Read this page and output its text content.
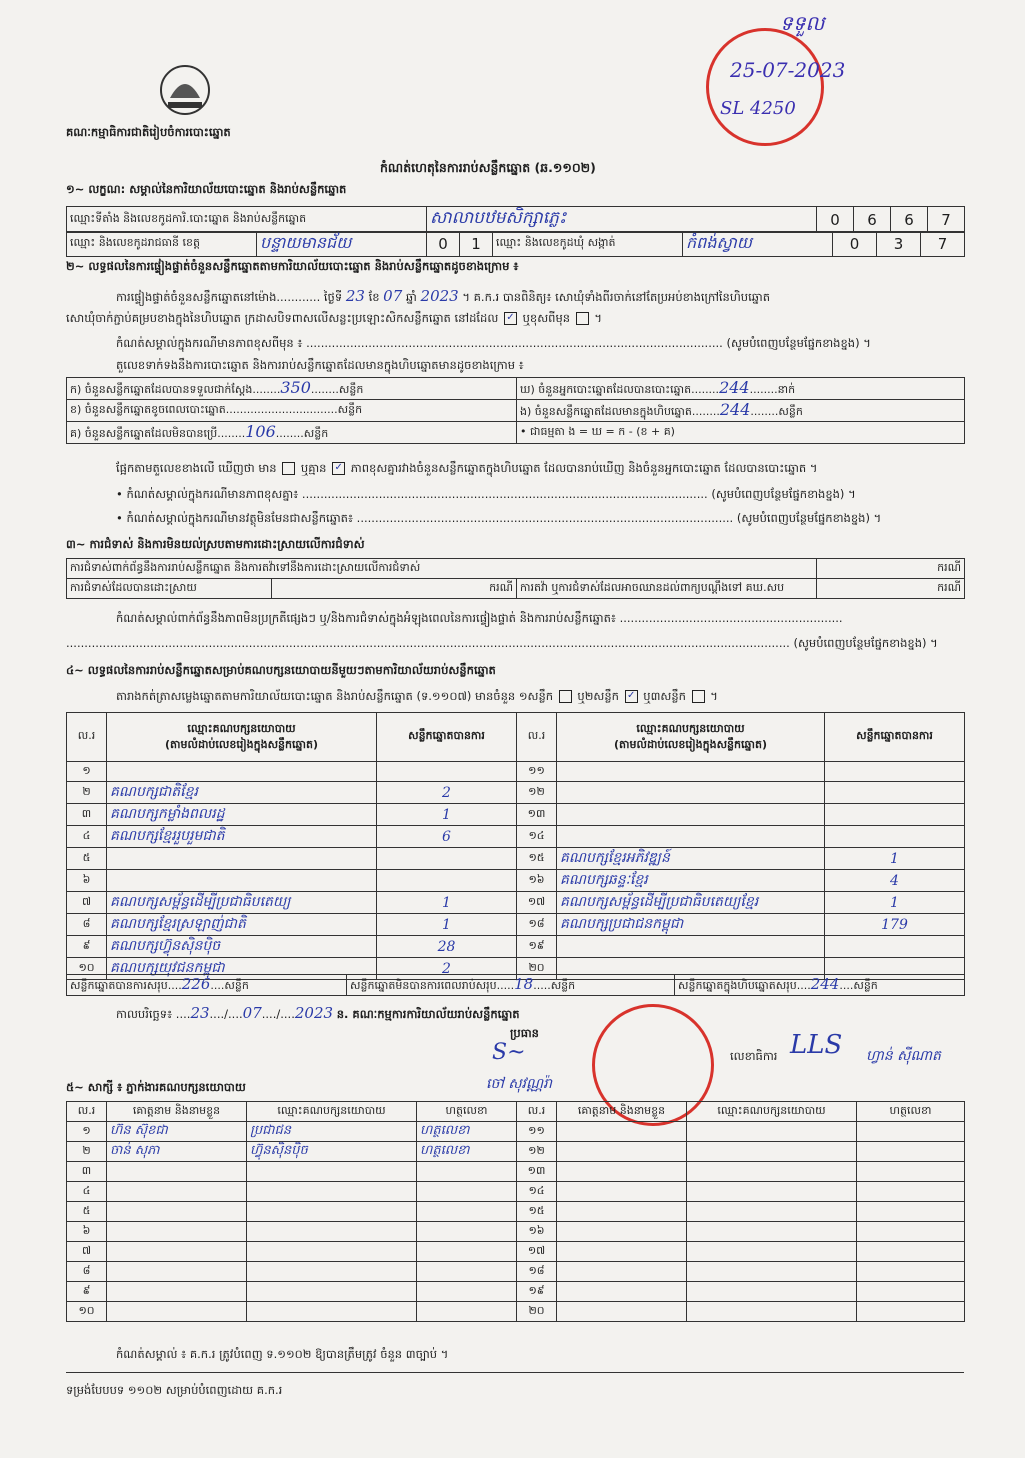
គណៈកម្មាធិការជាតិរៀបចំការបោះឆ្នោត
ទទួល
25-07-2023
SL 4250
កំណត់ហេតុនៃការរាប់សន្លឹកឆ្នោត (ឆ.១១០២)
១~ លក្ខណ: សម្គាល់នៃការិយាល័យបោះឆ្នោត និងរាប់សន្លឹកឆ្នោត
ឈ្មោះទីតាំង និងលេខកូដការិ.បោះឆ្នោត និងរាប់សន្លឹកឆ្នោត	សាលាបឋមសិក្សាភ្លេះ	0	6	6	7
ឈ្មោះ និងលេខកូដរាជធានី ខេត្ត	បន្ទាយមានជ័យ	0	1	ឈ្មោះ និងលេខកូដឃុំ សង្កាត់	កំពង់ស្វាយ	0	3	7
២~ លទ្ធផលនៃការផ្ទៀងផ្ទាត់ចំនួនសន្លឹកឆ្នោតតាមការិយាល័យបោះឆ្នោត និងរាប់សន្លឹកឆ្នោតដូចខាងក្រោម ៖
ការផ្ទៀងផ្ទាត់ចំនួនសន្លឹកឆ្នោតនៅម៉ោង............ ថ្ងៃទី 23 ខែ 07 ឆ្នាំ 2023 ។ គ.ក.រ បានពិនិត្យ៖ សោឃុំទាំងពីរចាក់នៅតែប្រអប់ខាងក្រៅនៃហិបឆ្នោត
សោឃុំចាក់ភ្ជាប់គម្របខាងក្នុងនៃហិបឆ្នោត ក្រដាសបិទពាសលើសន្លះប្រឡោះសិកសន្លឹកឆ្នោត នៅដដែល ✓ ឬខុសពីមុន  ។
កំណត់សម្គាល់ក្នុងករណីមានភាពខុសពីមុន ៖ .................................................................................................................. (សូមបំពេញបន្ថែមផ្នែកខាងខ្នង) ។
តួលេខទាក់ទងនឹងការបោះឆ្នោត និងការរាប់សន្លឹកឆ្នោតដែលមានក្នុងហិបឆ្នោតមានដូចខាងក្រោម ៖
ក) ចំនួនសន្លឹកឆ្នោតដែលបានទទួលជាក់ស្តែង........350........សន្លឹក	ឃ) ចំនួនអ្នកបោះឆ្នោតដែលបានបោះឆ្នោត........244........នាក់
ខ) ចំនួនសន្លឹកឆ្នោតខូចពេលបោះឆ្នោត................................សន្លឹក	ង) ចំនួនសន្លឹកឆ្នោតដែលមានក្នុងហិបឆ្នោត........244........សន្លឹក
គ) ចំនួនសន្លឹកឆ្នោតដែលមិនបានប្រើ........106........សន្លឹក	• ជាធម្មតា ង = ឃ = ក - (ខ + គ)
ផ្អែកតាមតួលេខខាងលើ ឃើញថា មាន ឬគ្មាន ✓ ភាពខុសគ្នារវាងចំនួនសន្លឹកឆ្នោតក្នុងហិបឆ្នោត ដែលបានរាប់ឃើញ និងចំនួនអ្នកបោះឆ្នោត ដែលបានបោះឆ្នោត ។
• កំណត់សម្គាល់ក្នុងករណីមានភាពខុសគ្នា៖ ............................................................................................................... (សូមបំពេញបន្ថែមផ្នែកខាងខ្នង) ។
• កំណត់សម្គាល់ក្នុងករណីមានវត្ថុមិនមែនជាសន្លឹកឆ្នោត៖ ....................................................................................................... (សូមបំពេញបន្ថែមផ្នែកខាងខ្នង) ។
៣~ ការជំទាស់ និងការមិនយល់ស្របតាមការដោះស្រាយលើការជំទាស់
ការជំទាស់ពាក់ព័ន្ធនឹងការរាប់សន្លឹកឆ្នោត និងការតវ៉ាទៅនឹងការដោះស្រាយលើការជំទាស់			ករណី
ការជំទាស់ដែលបានដោះស្រាយ	ករណី	ការតវ៉ា ឬការជំទាស់ដែលអាចឈានដល់ពាក្យបណ្តឹងទៅ គឃ.សប	ករណី
កំណត់សម្គាល់ពាក់ព័ន្ធនឹងភាពមិនប្រក្រតីផ្សេងៗ ឬ/និងការជំទាស់ក្នុងអំឡុងពេលនៃការផ្ទៀងផ្ទាត់ និងការរាប់សន្លឹកឆ្នោត៖ .............................................................
...................................................................................................................................................................................................... (សូមបំពេញបន្ថែមផ្នែកខាងខ្នង) ។
៤~ លទ្ធផលនៃការរាប់សន្លឹកឆ្នោតសម្រាប់គណបក្សនយោបាយនីមួយៗតាមការិយាល័យរាប់សន្លឹកឆ្នោត
តារាងកត់ត្រាសម្លេងឆ្នោតតាមការិយាល័យបោះឆ្នោត និងរាប់សន្លឹកឆ្នោត (ទ.១១០៧) មានចំនួន ១សន្លឹក ឬ២សន្លឹក ✓ ឬ៣សន្លឹក  ។
ល.រ	ឈ្មោះគណបក្សនយោបាយ
(តាមលំដាប់លេខរៀងក្នុងសន្លឹកឆ្នោត)	សន្លឹកឆ្នោតបានការ	ល.រ	ឈ្មោះគណបក្សនយោបាយ
(តាមលំដាប់លេខរៀងក្នុងសន្លឹកឆ្នោត)	សន្លឹកឆ្នោតបានការ
១			១១		
២	គណបក្សជាតិខ្មែរ	2	១២		
៣	គណបក្សកម្លាំងពលរដ្ឋ	1	១៣		
៤	គណបក្សខ្មែររួបរួមជាតិ	6	១៤		
៥			១៥	គណបក្សខ្មែរអភិវឌ្ឍន៍	1
៦			១៦	គណបក្សឆន្ទៈខ្មែរ	4
៧	គណបក្សសម្ព័ន្ធដើម្បីប្រជាធិបតេយ្យ	1	១៧	គណបក្សសម្ព័ន្ធដើម្បីប្រជាធិបតេយ្យខ្មែរ	1
៨	គណបក្សខ្មែរស្រឡាញ់ជាតិ	1	១៨	គណបក្សប្រជាជនកម្ពុជា	179
៩	គណបក្សហ៊្វុនស៊ិនប៉ិច	28	១៩		
១០	គណបក្សយុវជនកម្ពុជា	2	២០		
សន្លឹកឆ្នោតបានការសរុប....226....សន្លឹក	សន្លឹកឆ្នោតមិនបានការពេលរាប់សរុប.....18.....សន្លឹក	សន្លឹកឆ្នោតក្នុងហិបឆ្នោតសរុប....244....សន្លឹក
កាលបរិច្ឆេទ៖ ....23..../....07..../....2023 ន. គណៈកម្មការការិយាល័យរាប់សន្លឹកឆ្នោត
ប្រធាន
S~
ចៅ សុវណ្ណរ៉ា
លេខាធិការ LLS ហ្វាន់ ស៊ីណាត
៥~ សាក្សី ៖ ភ្នាក់ងារគណបក្សនយោបាយ
ល.រ	គោត្តនាម និងនាមខ្លួន	ឈ្មោះគណបក្សនយោបាយ	ហត្ថលេខា	ល.រ	គោត្តនាម និងនាមខ្លួន	ឈ្មោះគណបក្សនយោបាយ	ហត្ថលេខា
១	ហ៊ន ស៊ុខជា	ប្រជាជន	ហត្ថលេខា	១១			
២	ចាន់ សុភា	ហ៊្វុនស៊ិនប៉ិច	ហត្ថលេខា	១២			
៣				១៣			
៤				១៤			
៥				១៥			
៦				១៦			
៧				១៧			
៨				១៨			
៩				១៩			
១០				២០			
កំណត់សម្គាល់ ៖ គ.ក.រ ត្រូវបំពេញ ទ.១១០២ ឱ្យបានត្រឹមត្រូវ ចំនួន ៣ច្បាប់ ។
ទម្រង់បែបបទ ១១០២ សម្រាប់បំពេញដោយ គ.ក.រ
